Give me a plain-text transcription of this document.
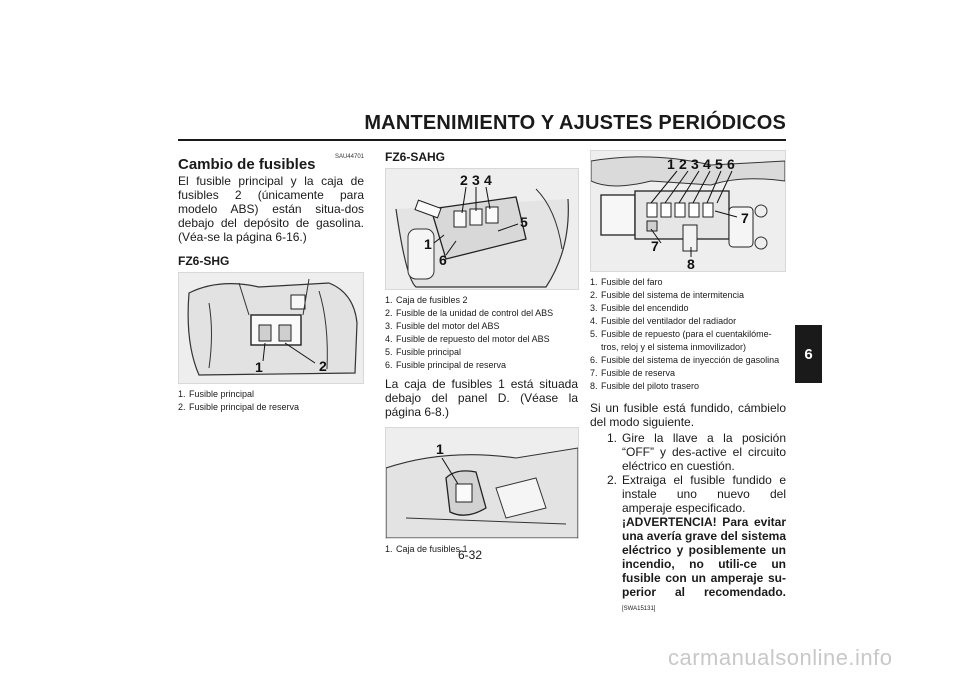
MANTENIMIENTO Y AJUSTES PERIÓDICOS
SAU44701
Cambio de fusibles

El fusible principal y la caja de fusibles 2 (únicamente para modelo ABS) están situa-dos debajo del depósito de gasolina. (Véa-se la página 6-16.)

FZ6-SHG
1	2
1. Fusible principal
2. Fusible principal de reserva
FZ6-SAHG
2 3 4
5
1
6
1. Caja de fusibles 2
2. Fusible de la unidad de control del ABS
3. Fusible del motor del ABS
4. Fusible de repuesto del motor del ABS
5. Fusible principal
6. Fusible principal de reserva

La caja de fusibles 1 está situada debajo del panel D. (Véase la página 6-8.)

1
1. Caja de fusibles 1
1 2 3 4 5 6
7
7
8
1. Fusible del faro
2. Fusible del sistema de intermitencia
3. Fusible del encendido
4. Fusible del ventilador del radiador
5. Fusible de repuesto (para el cuentakilóme-tros, reloj y el sistema inmovilizador)
6. Fusible del sistema de inyección de gasolina
7. Fusible de reserva
8. Fusible del piloto trasero

Si un fusible está fundido, cámbielo del modo siguiente.

1. Gire la llave a la posición “OFF” y des-active el circuito eléctrico en cuestión.
2. Extraiga el fusible fundido e instale uno nuevo del amperaje especificado.
¡ADVERTENCIA! Para evitar una avería grave del sistema eléctrico y posiblemente un incendio, no utili-ce un fusible con un amperaje su-perior al recomendado. [SWA15131]
6
6-32
carmanualsonline.info
